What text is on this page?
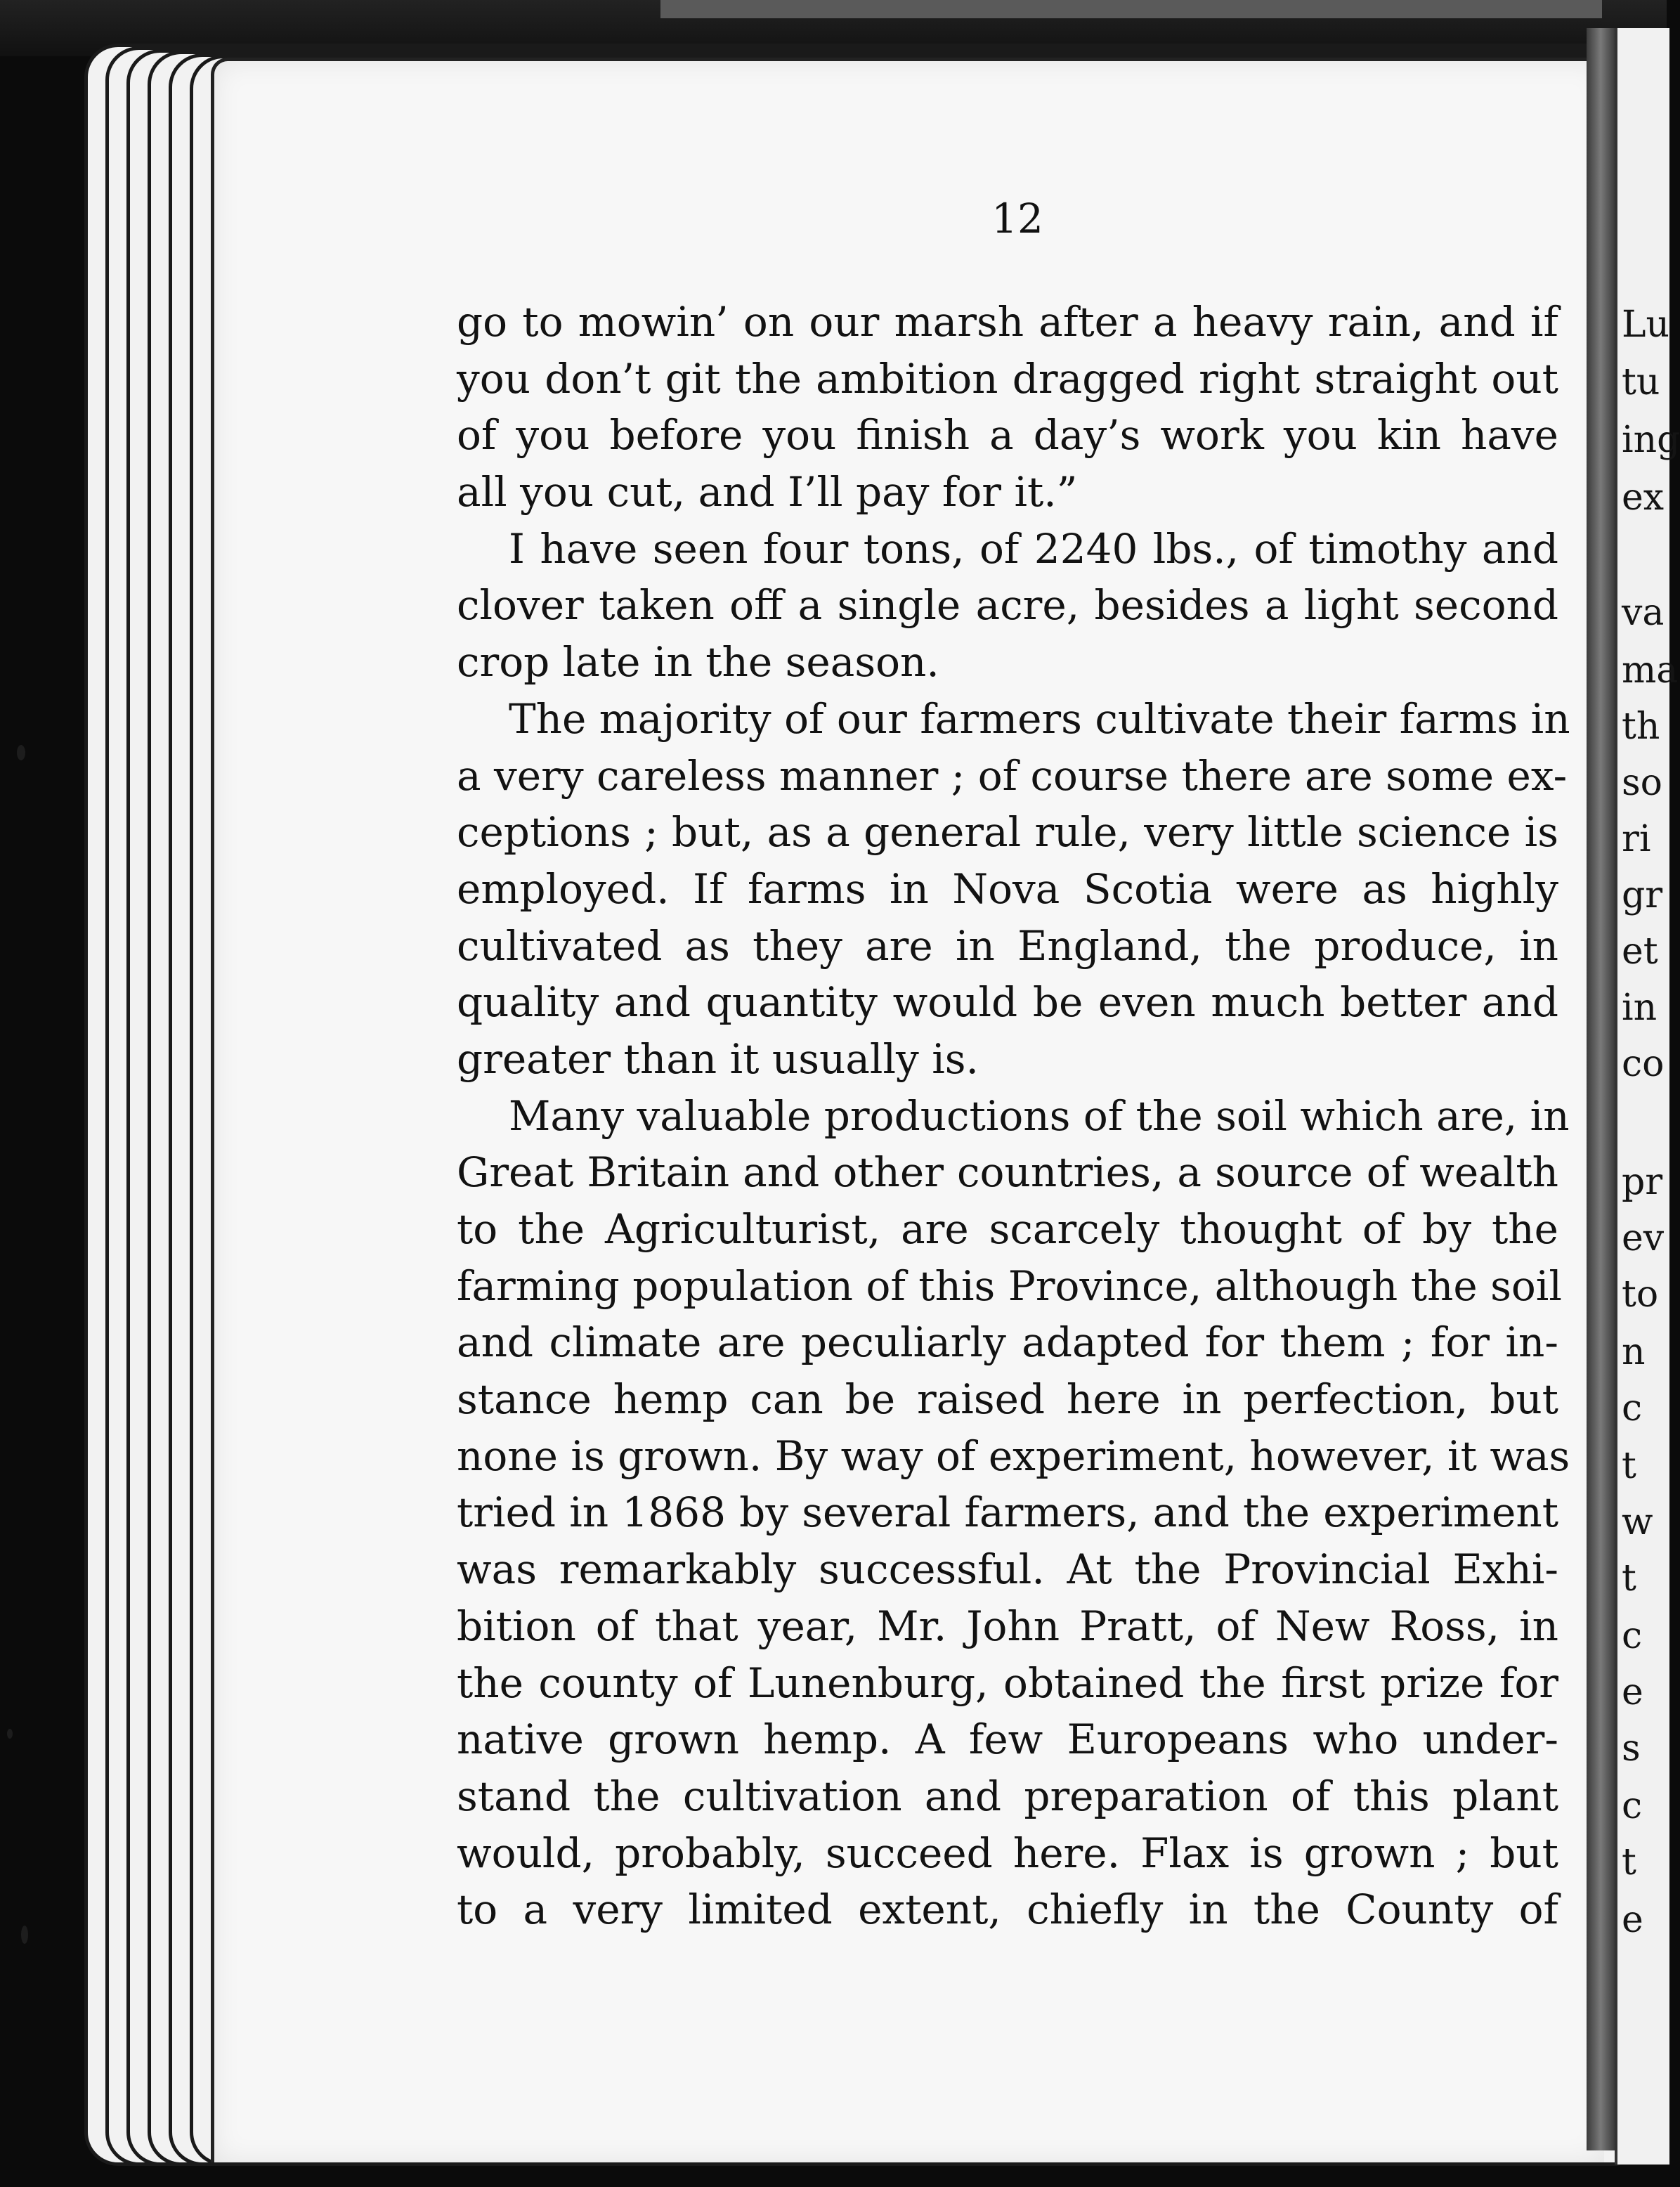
12
go to mowin’ on our marsh after a heavy rain, and if
you don’t git the ambition dragged right straight out
of you before you finish a day’s work you kin have
all you cut, and I’ll pay for it.”
I have seen four tons, of 2240 lbs., of timothy and
clover taken off a single acre, besides a light second
crop late in the season.
The majority of our farmers cultivate their farms in
a very careless manner ; of course there are some ex-
ceptions ; but, as a general rule, very little science is
employed. If farms in Nova Scotia were as highly
cultivated as they are in England, the produce, in
quality and quantity would be even much better and
greater than it usually is.
Many valuable productions of the soil which are, in
Great Britain and other countries, a source of wealth
to the Agriculturist, are scarcely thought of by the
farming population of this Province, although the soil
and climate are peculiarly adapted for them ; for in-
stance hemp can be raised here in perfection, but
none is grown. By way of experiment, however, it was
tried in 1868 by several farmers, and the experiment
was remarkably successful. At the Provincial Exhi-
bition of that year, Mr. John Pratt, of New Ross, in
the county of Lunenburg, obtained the first prize for
native grown hemp. A few Europeans who under-
stand the cultivation and preparation of this plant
would, probably, succeed here. Flax is grown ; but
to a very limited extent, chiefly in the County of
Lu
tu
ing
ex
va
ma
th
so
ri
gr
et
in
co
pr
ev
to
n
c
t
w
t
c
e
s
c
t
e
